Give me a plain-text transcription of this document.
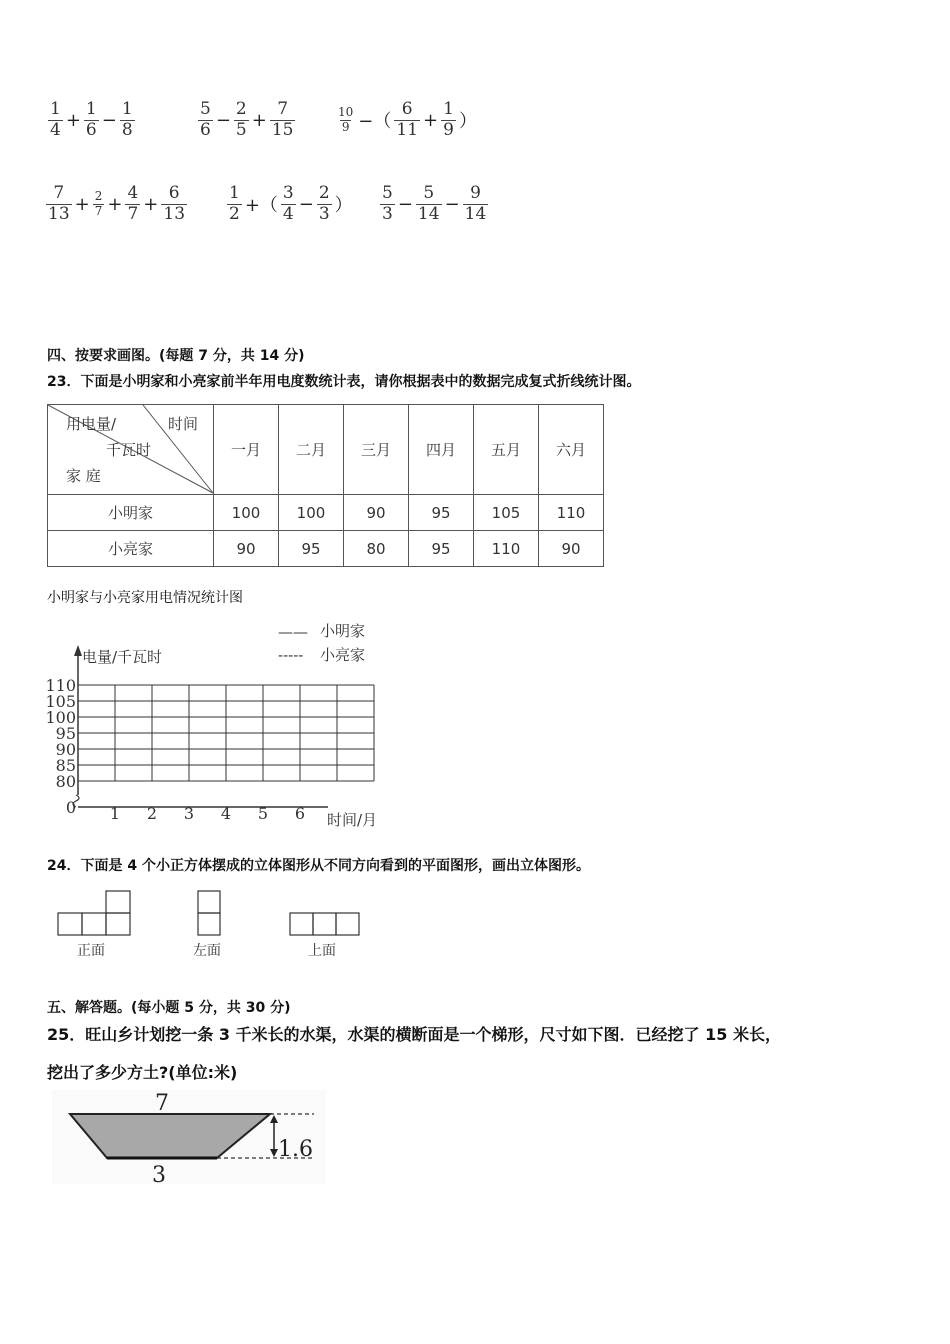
$\frac{1}{4} + \frac{1}{6} - \frac{1}{8}$	$\frac{5}{6} - \frac{2}{5} + \frac{7}{15}$	$\frac{10}{9}$ −（ $\frac{6}{11} + \frac{1}{9}$ ）
$\frac{7}{13} + \frac{2}{7} + \frac{4}{7} + \frac{6}{13} \frac{1}{2}$ +（ $\frac{3}{4} - \frac{2}{3}$ ） $\frac{5}{3} - \frac{5}{14} - \frac{9}{14}$
四、按要求画图。(每题 7 分，共 14 分)
23．下面是小明家和小亮家前半年用电度数统计表，请你根据表中的数据完成复式折线统计图。
用电量/ 时间
千瓦时
家 庭	一月	二月	三月	四月	五月	六月
小明家	100	100	90	95	105	110
小亮家	90	95	80	95	110	90
小明家与小亮家用电情况统计图
电量/千瓦时
时间/月
0
80
85
90
95
100
105
110
1 2 3 4 5 6
—— 小明家
----- 小亮家
24．下面是 4 个小正方体摆成的立体图形从不同方向看到的平面图形，画出立体图形。
正面	左面	上面
五、解答题。(每小题 5 分，共 30 分)
25．旺山乡计划挖一条 3 千米长的水渠，水渠的横断面是一个梯形，尺寸如下图．已经挖了 15 米长，
挖出了多少方土?(单位:米)
7
3
1.6
